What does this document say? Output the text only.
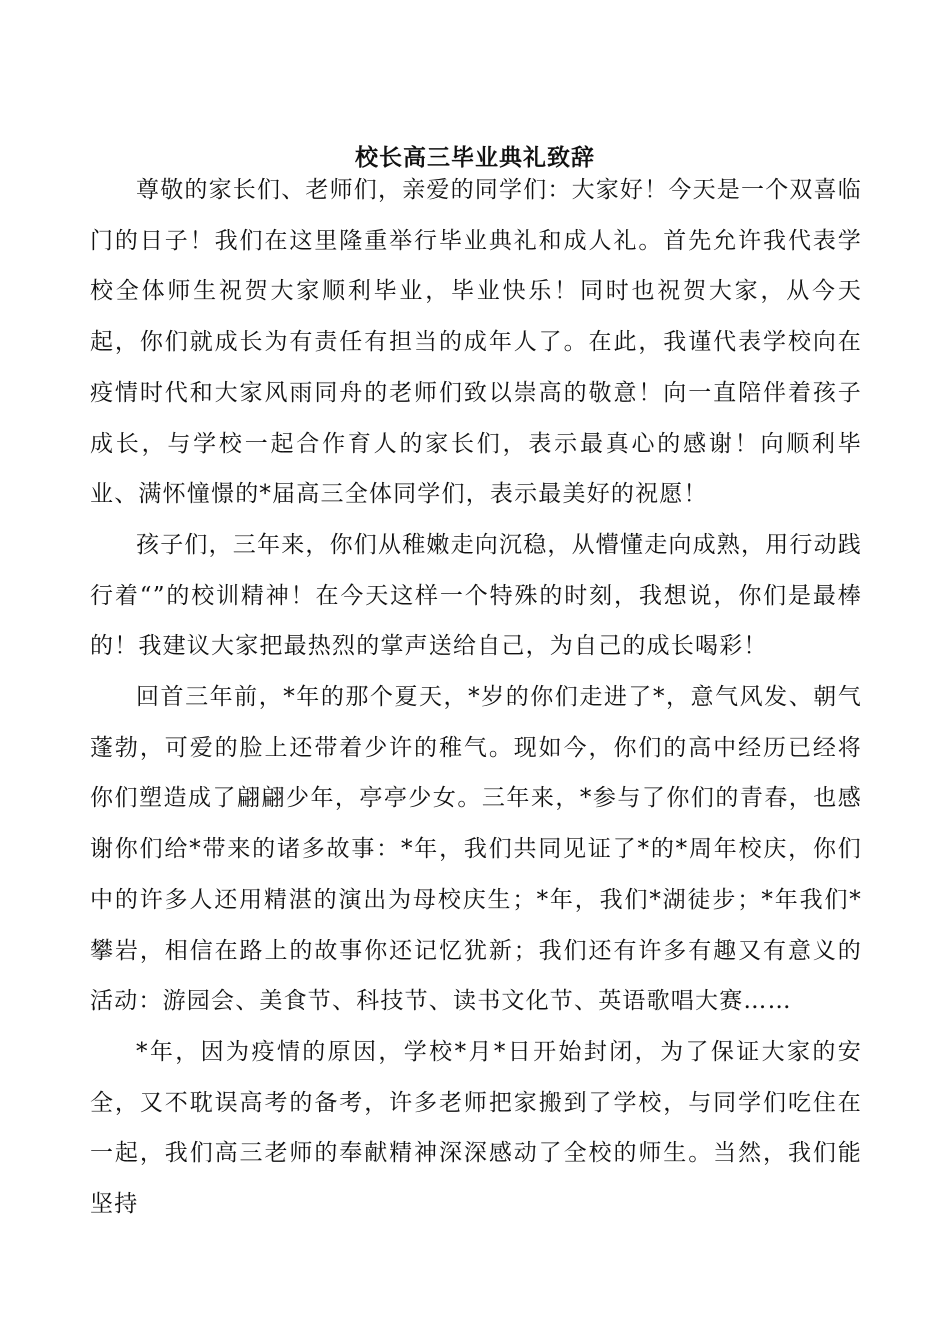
校长高三毕业典礼致辞

尊敬的家长们、老师们，亲爱的同学们：大家好！今天是一个双喜临门的日子！我们在这里隆重举行毕业典礼和成人礼。首先允许我代表学校全体师生祝贺大家顺利毕业，毕业快乐！同时也祝贺大家，从今天起，你们就成长为有责任有担当的成年人了。在此，我谨代表学校向在疫情时代和大家风雨同舟的老师们致以崇高的敬意！向一直陪伴着孩子成长，与学校一起合作育人的家长们，表示最真心的感谢！向顺利毕业、满怀憧憬的*届高三全体同学们，表示最美好的祝愿！

孩子们，三年来，你们从稚嫩走向沉稳，从懵懂走向成熟，用行动践行着“”的校训精神！在今天这样一个特殊的时刻，我想说，你们是最棒的！我建议大家把最热烈的掌声送给自己，为自己的成长喝彩！

回首三年前，*年的那个夏天，*岁的你们走进了*，意气风发、朝气蓬勃，可爱的脸上还带着少许的稚气。现如今，你们的高中经历已经将你们塑造成了翩翩少年，亭亭少女。三年来，*参与了你们的青春，也感谢你们给*带来的诸多故事：*年，我们共同见证了*的*周年校庆，你们中的许多人还用精湛的演出为母校庆生；*年，我们*湖徒步；*年我们*攀岩，相信在路上的故事你还记忆犹新；我们还有许多有趣又有意义的活动：游园会、美食节、科技节、读书文化节、英语歌唱大赛……

*年，因为疫情的原因，学校*月*日开始封闭，为了保证大家的安全，又不耽误高考的备考，许多老师把家搬到了学校，与同学们吃住在一起，我们高三老师的奉献精神深深感动了全校的师生。当然，我们能坚持
